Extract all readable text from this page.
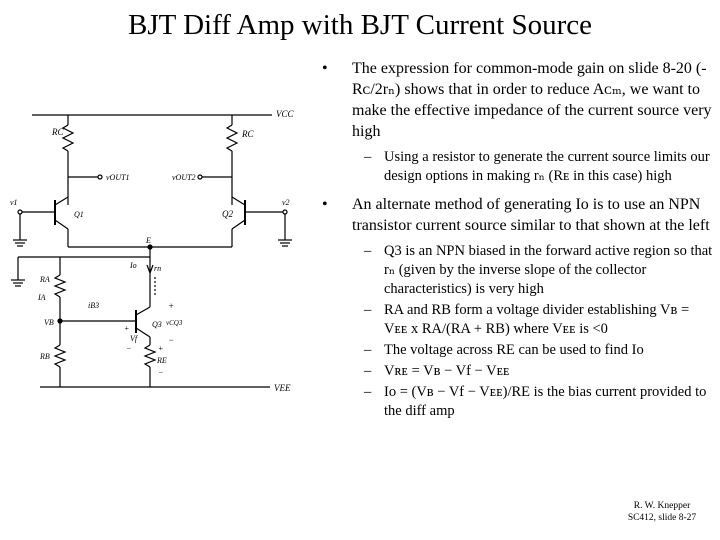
BJT Diff Amp with BJT Current Source
VCC
RC	RC
vOUT1	vOUT2
v1
Q1
v2
Q2
E
Io rn
RA
IA
VB
iB3
Q3 vCQ3
+
−
+
Vf
−
RE
+
−
RB
VEE
• The expression for common-mode gain on slide 8-20 (-Rᴄ/2rₙ) shows that in order to reduce Aᴄₘ, we want to make the effective impedance of the current source very high
– Using a resistor to generate the current source limits our design options in making rₙ (Rᴇ in this case) high
• An alternate method of generating Io is to use an NPN transistor current source similar to that shown at the left
– Q3 is an NPN biased in the forward active region so that rₙ (given by the inverse slope of the collector characteristics) is very high
– RA and RB form a voltage divider establishing Vʙ = Vᴇᴇ x RA/(RA + RB) where Vᴇᴇ is <0
– The voltage across RE can be used to find Io
– Vʀᴇ = Vʙ − Vf − Vᴇᴇ
– Io = (Vʙ − Vf − Vᴇᴇ)/RE is the bias current provided to the diff amp
R. W. Knepper
SC412, slide 8-27
